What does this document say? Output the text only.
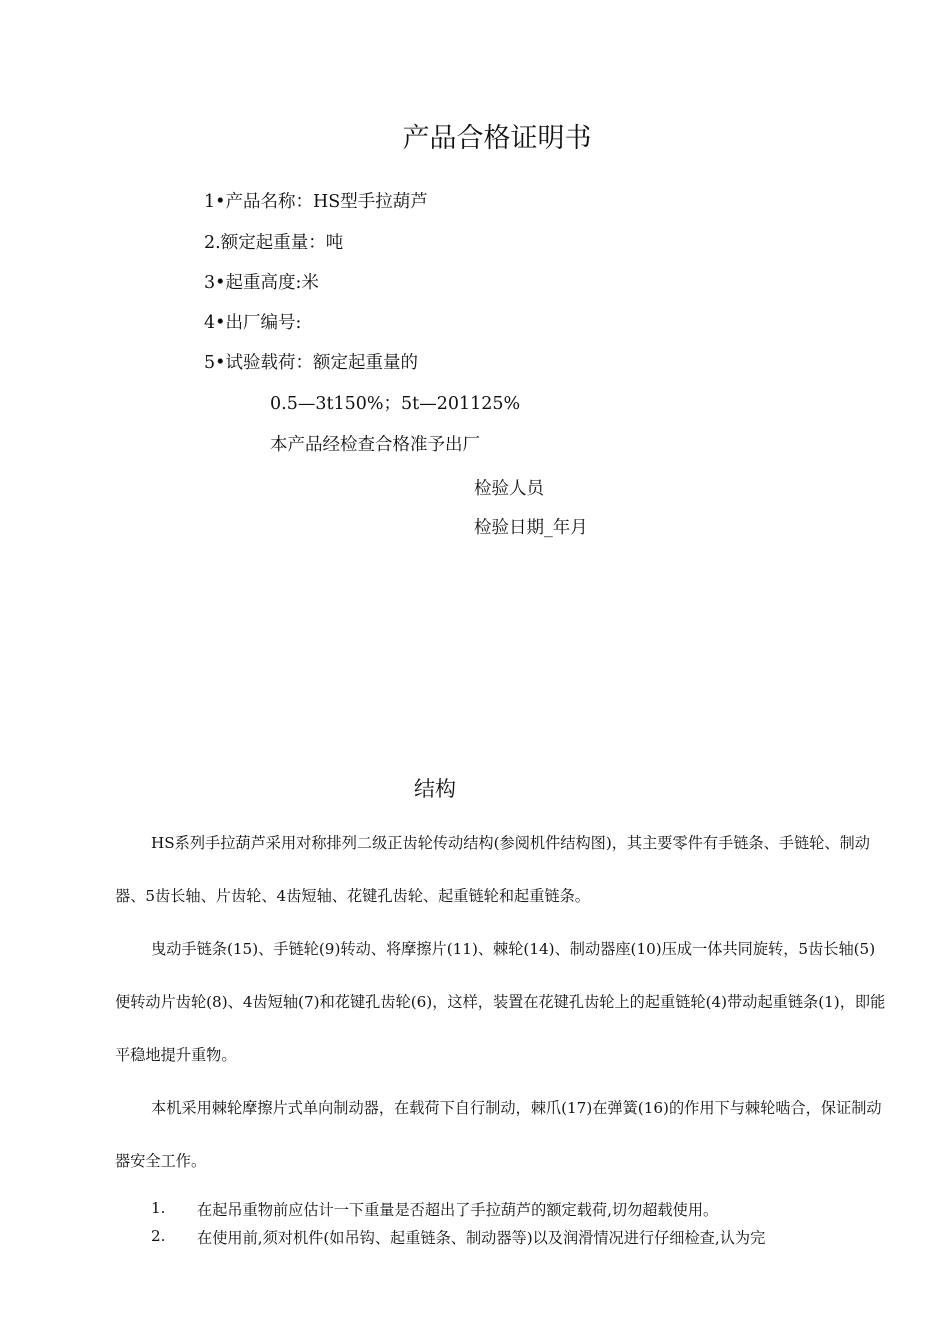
产品合格证明书
1•产品名称：HS型手拉葫芦
2.额定起重量：吨
3•起重高度:米
4•出厂编号:
5•试验载荷：额定起重量的
0.5—3t150%；5t—201125%
本产品经检查合格准予出厂
检验人员
检验日期_年月
结构
HS系列手拉葫芦采用对称排列二级正齿轮传动结构(参阅机件结构图)，其主要零件有手链条、手链轮、制动器、5齿长轴、片齿轮、4齿短轴、花键孔齿轮、起重链轮和起重链条。
曳动手链条(15)、手链轮(9)转动、将摩擦片(11)、棘轮(14)、制动器座(10)压成一体共同旋转，5齿长轴(5)便转动片齿轮(8)、4齿短轴(7)和花键孔齿轮(6)，这样，装置在花键孔齿轮上的起重链轮(4)带动起重链条(1)，即能平稳地提升重物。
本机采用棘轮摩擦片式单向制动器，在载荷下自行制动，棘爪(17)在弹簧(16)的作用下与棘轮啮合，保证制动器安全工作。
1. 在起吊重物前应估计一下重量是否超出了手拉葫芦的额定载荷,切勿超载使用。
2. 在使用前,须对机件(如吊钩、起重链条、制动器等)以及润滑情况进行仔细检查,认为完
